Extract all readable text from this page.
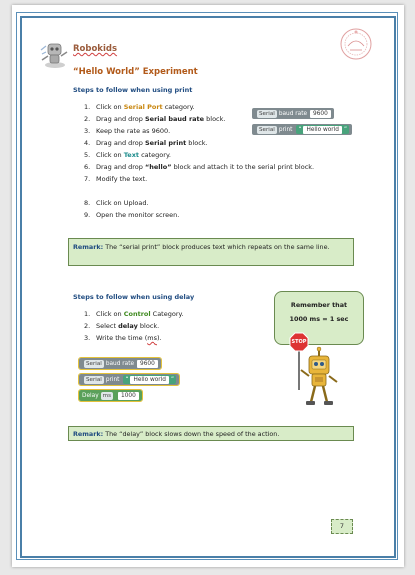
Robokids
“Hello World” Experiment
Steps to follow when using print
1. Click on Serial Port category.
2. Drag and drop Serial baud rate block.
3. Keep the rate as 9600.
4. Drag and drop Serial print block.
5. Click on Text category.
6. Drag and drop “hello” block and attach it to the serial print block.
7. Modify the text.
8. Click on Upload.
9. Open the monitor screen.
Serial baud rate	9600
Serial print “ Hello world ”
Remark: The “serial print” block produces text which repeats on the same line.
Steps to follow when using delay
1. Click on Control Category.
2. Select delay block.
3. Write the time (ms).
Serial baud rate	9600
Serial print “ Hello world ”
Delay ms	1000
Remember that
1000 ms = 1 sec
STOP
Remark: The “delay” block slows down the speed of the action.
7
